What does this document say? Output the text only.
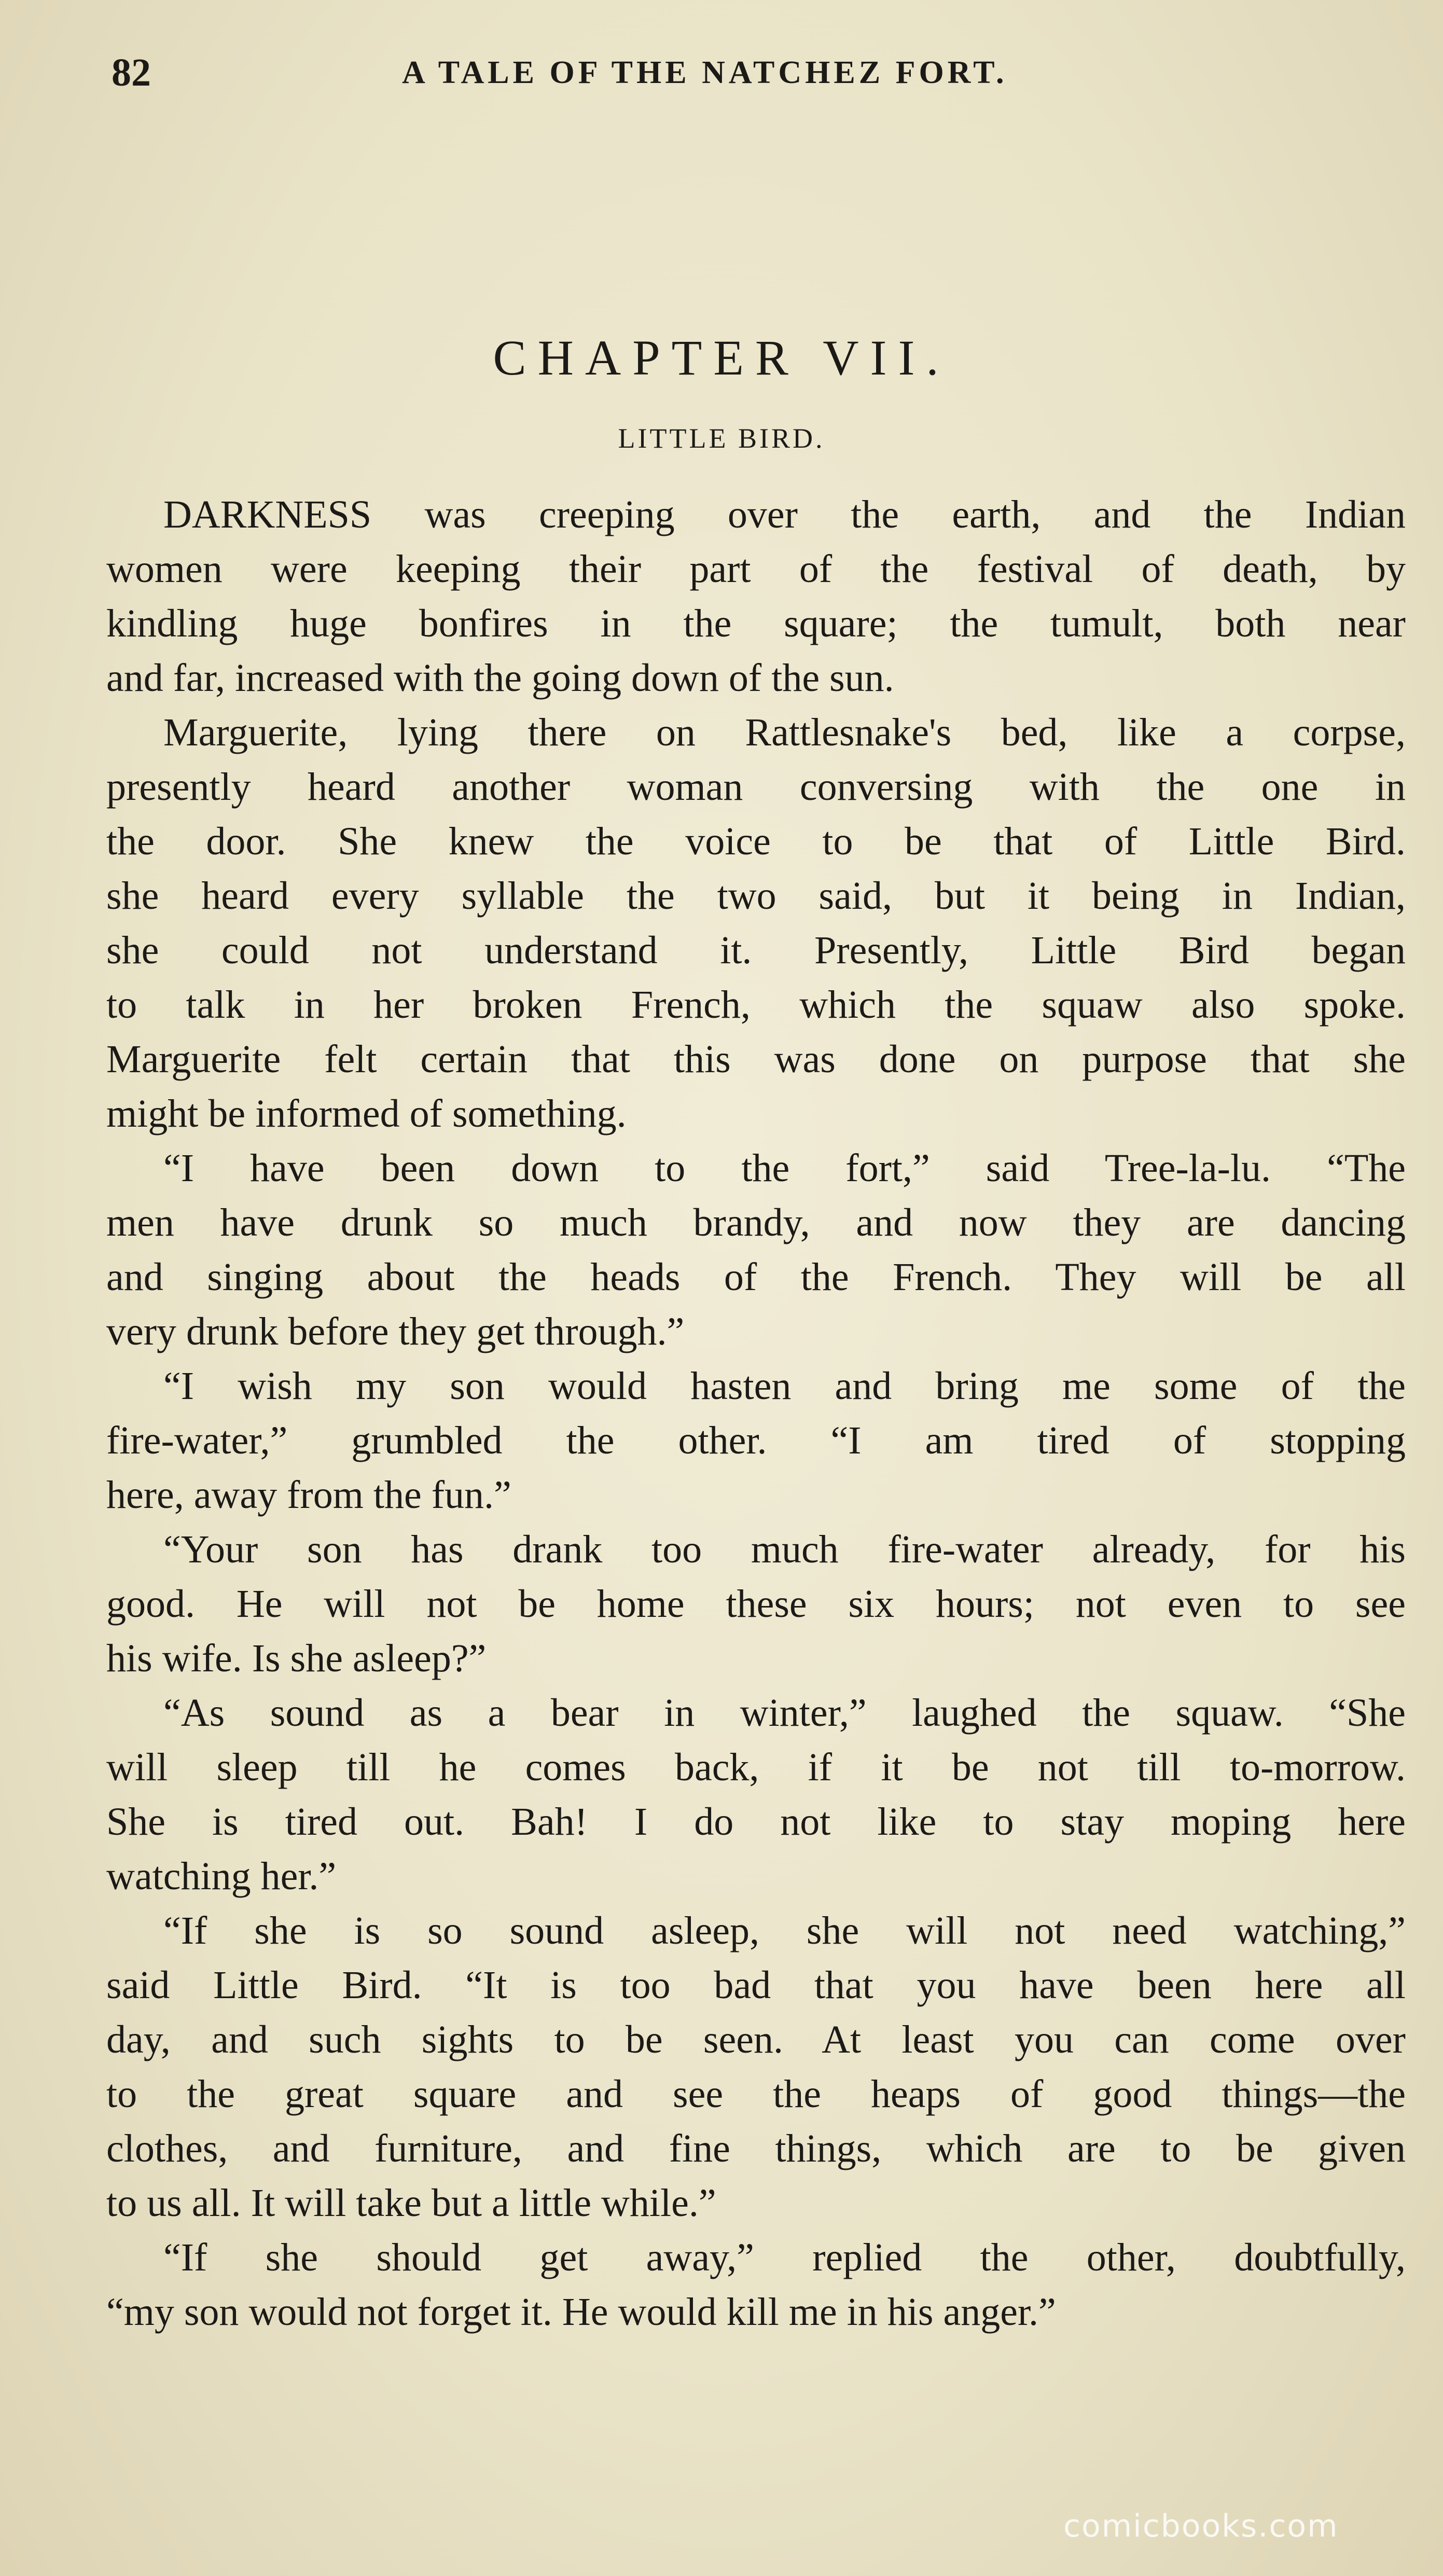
82	A TALE OF THE NATCHEZ FORT.
CHAPTER VII.
LITTLE BIRD.
DARKNESS was creeping over the earth, and the Indian
women were keeping their part of the festival of death, by
kindling huge bonfires in the square; the tumult, both near
and far, increased with the going down of the sun.
Marguerite, lying there on Rattlesnake's bed, like a corpse,
presently heard another woman conversing with the one in
the door. She knew the voice to be that of Little Bird.
she heard every syllable the two said, but it being in Indian,
she could not understand it. Presently, Little Bird began
to talk in her broken French, which the squaw also spoke.
Marguerite felt certain that this was done on purpose that she
might be informed of something.
“I have been down to the fort,” said Tree-la-lu. “The
men have drunk so much brandy, and now they are dancing
and singing about the heads of the French. They will be all
very drunk before they get through.”
“I wish my son would hasten and bring me some of the
fire-water,” grumbled the other. “I am tired of stopping
here, away from the fun.”
“Your son has drank too much fire-water already, for his
good. He will not be home these six hours; not even to see
his wife. Is she asleep?”
“As sound as a bear in winter,” laughed the squaw. “She
will sleep till he comes back, if it be not till to-morrow.
She is tired out. Bah! I do not like to stay moping here
watching her.”
“If she is so sound asleep, she will not need watching,”
said Little Bird. “It is too bad that you have been here all
day, and such sights to be seen. At least you can come over
to the great square and see the heaps of good things—the
clothes, and furniture, and fine things, which are to be given
to us all. It will take but a little while.”
“If she should get away,” replied the other, doubtfully,
“my son would not forget it. He would kill me in his anger.”
comicbooks.com
